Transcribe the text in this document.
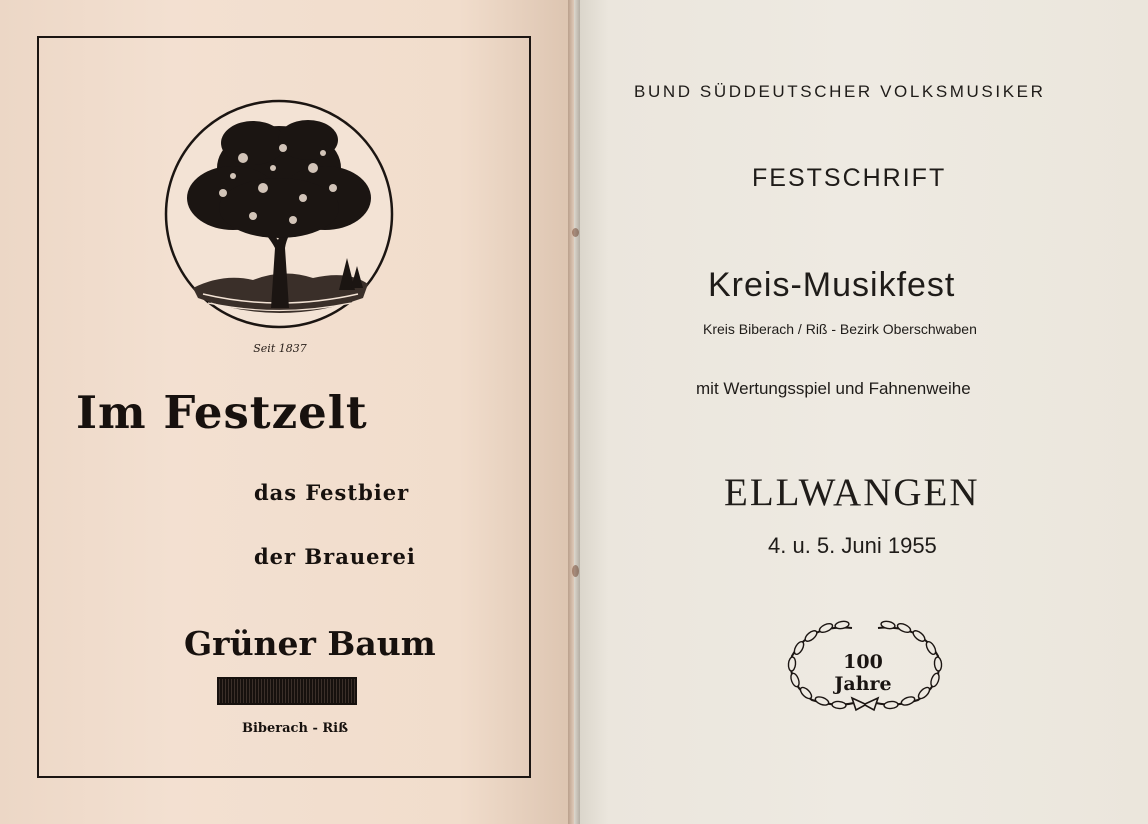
Seit 1837
Im Festzelt
das Festbier
der Brauerei
Grüner Baum
Biberach - Riß
BUND SÜDDEUTSCHER VOLKSMUSIKER
FESTSCHRIFT
Kreis-Musikfest
Kreis Biberach / Riß - Bezirk Oberschwaben
mit Wertungsspiel und Fahnenweihe
ELLWANGEN
4. u. 5. Juni 1955
100 Jahre
